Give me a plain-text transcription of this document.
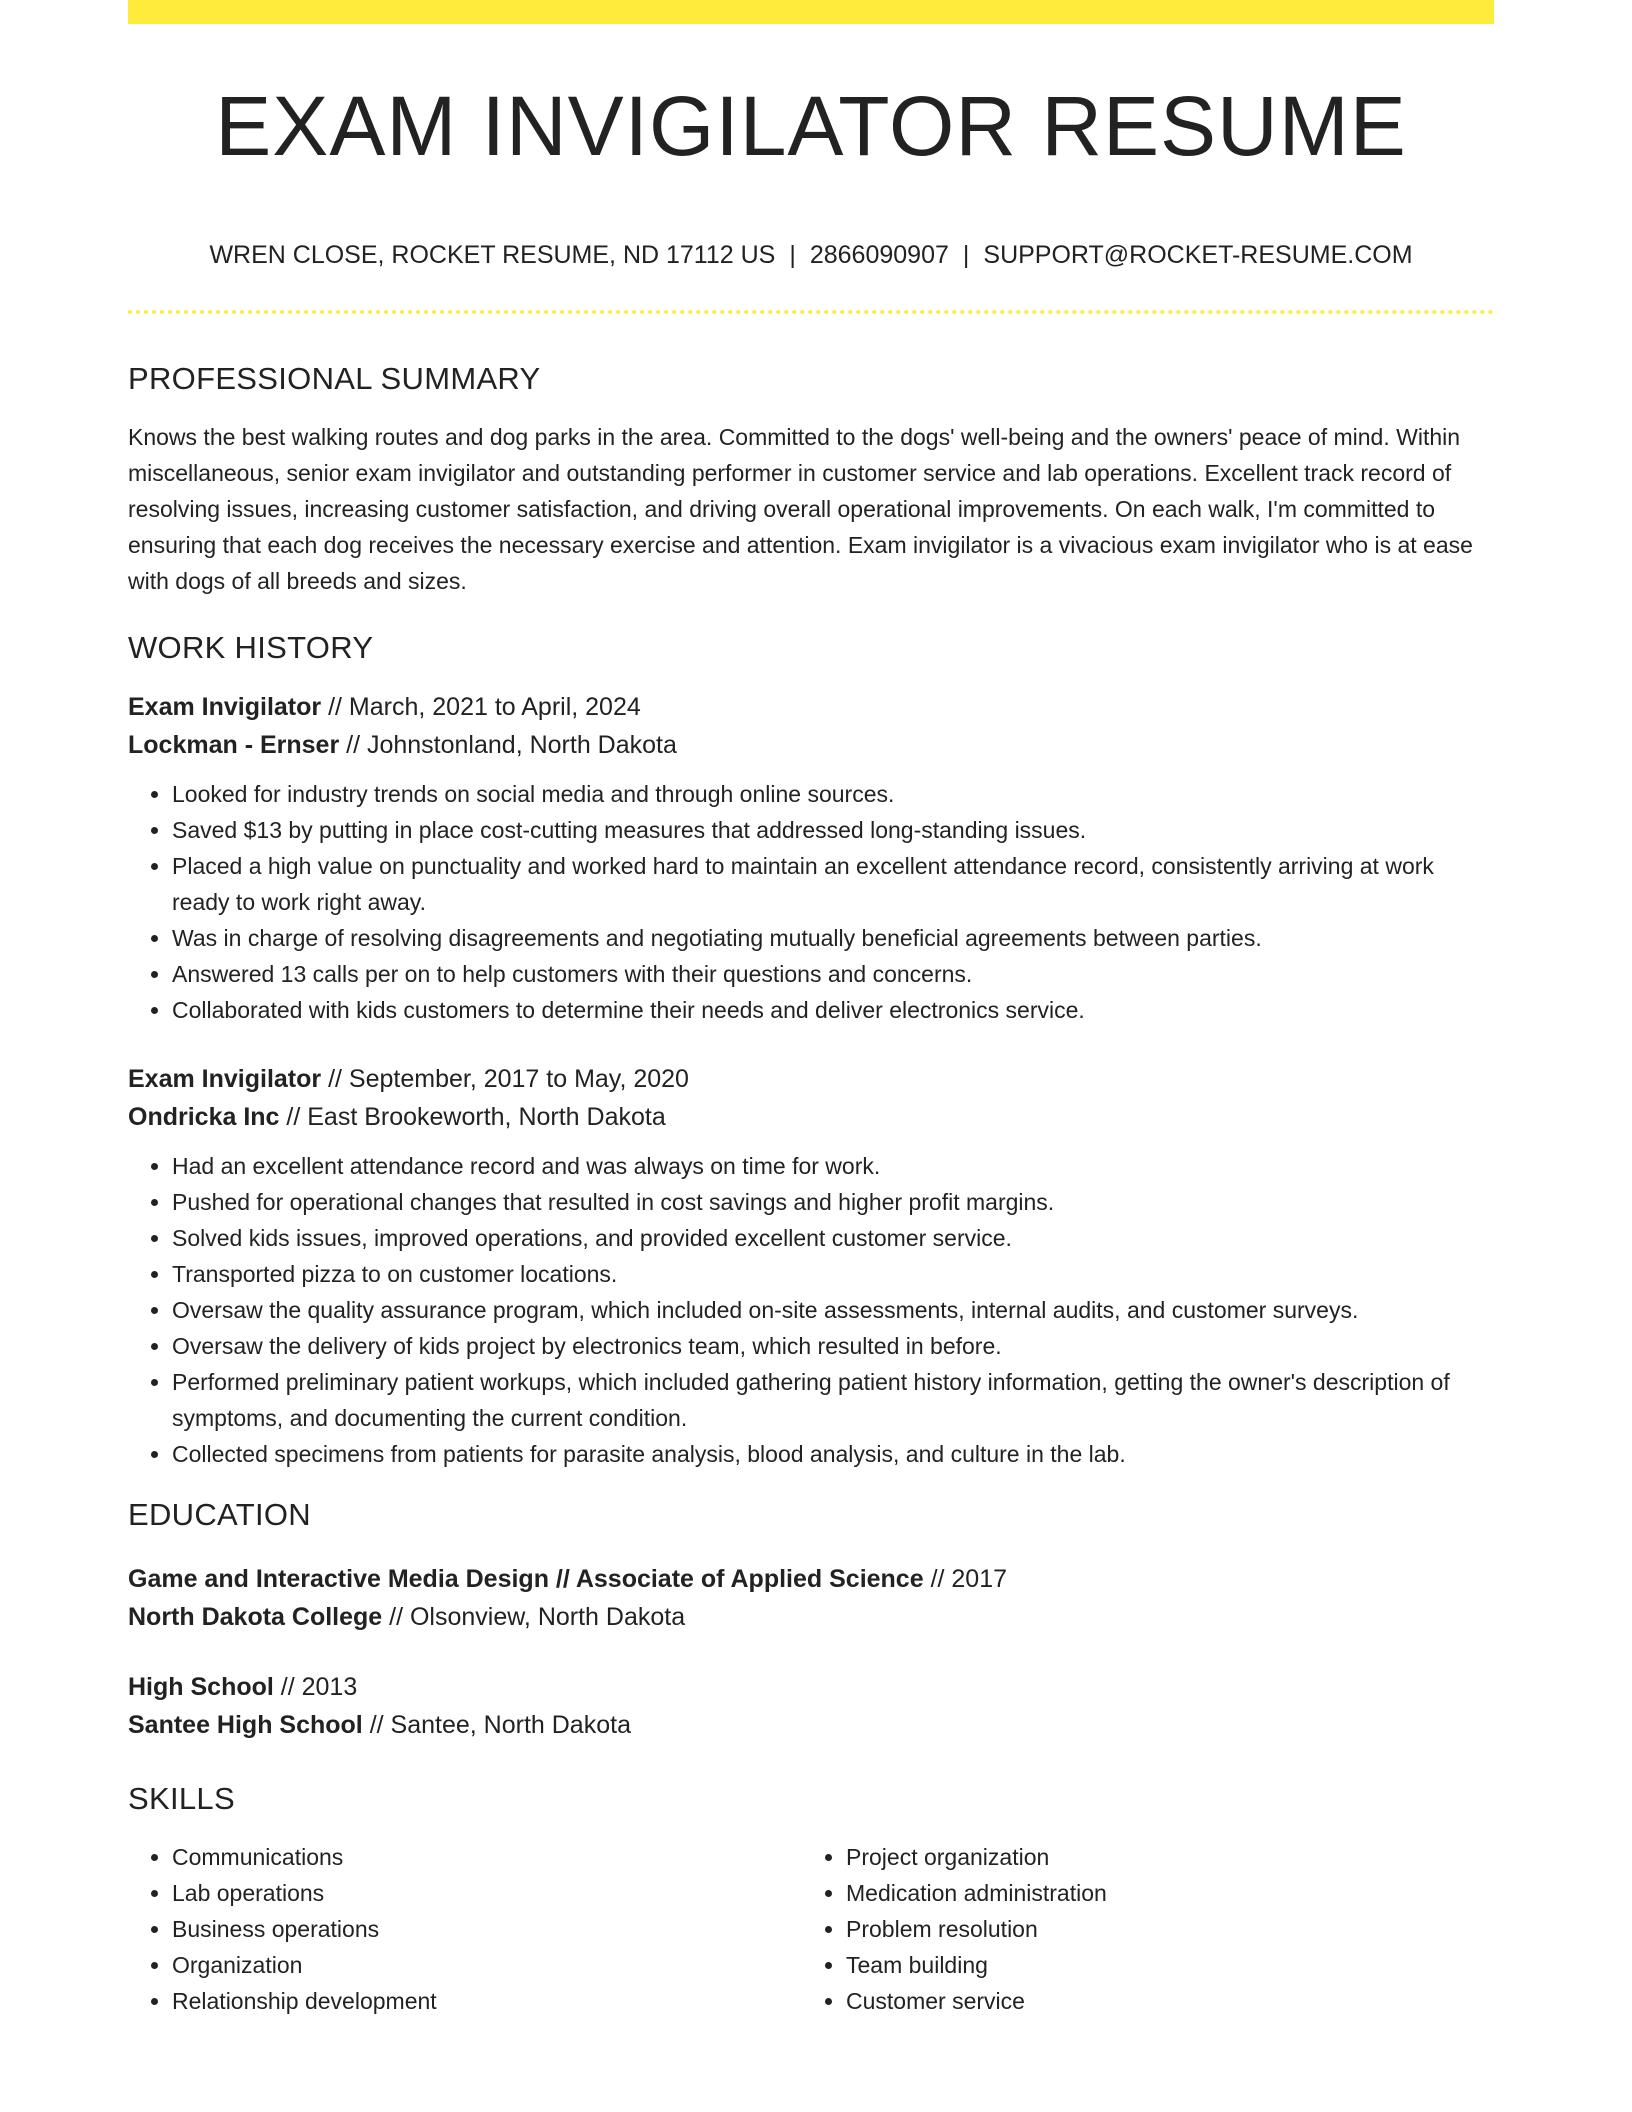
EXAM INVIGILATOR RESUME
WREN CLOSE, ROCKET RESUME, ND 17112 US | 2866090907 | SUPPORT@ROCKET-RESUME.COM
PROFESSIONAL SUMMARY
Knows the best walking routes and dog parks in the area. Committed to the dogs' well-being and the owners' peace of mind. Within miscellaneous, senior exam invigilator and outstanding performer in customer service and lab operations. Excellent track record of resolving issues, increasing customer satisfaction, and driving overall operational improvements. On each walk, I'm committed to ensuring that each dog receives the necessary exercise and attention. Exam invigilator is a vivacious exam invigilator who is at ease with dogs of all breeds and sizes.
WORK HISTORY
Exam Invigilator // March, 2021 to April, 2024
Lockman - Ernser // Johnstonland, North Dakota
• Looked for industry trends on social media and through online sources.
• Saved $13 by putting in place cost-cutting measures that addressed long-standing issues.
• Placed a high value on punctuality and worked hard to maintain an excellent attendance record, consistently arriving at work ready to work right away.
• Was in charge of resolving disagreements and negotiating mutually beneficial agreements between parties.
• Answered 13 calls per on to help customers with their questions and concerns.
• Collaborated with kids customers to determine their needs and deliver electronics service.
Exam Invigilator // September, 2017 to May, 2020
Ondricka Inc // East Brookeworth, North Dakota
• Had an excellent attendance record and was always on time for work.
• Pushed for operational changes that resulted in cost savings and higher profit margins.
• Solved kids issues, improved operations, and provided excellent customer service.
• Transported pizza to on customer locations.
• Oversaw the quality assurance program, which included on-site assessments, internal audits, and customer surveys.
• Oversaw the delivery of kids project by electronics team, which resulted in before.
• Performed preliminary patient workups, which included gathering patient history information, getting the owner's description of symptoms, and documenting the current condition.
• Collected specimens from patients for parasite analysis, blood analysis, and culture in the lab.
EDUCATION
Game and Interactive Media Design // Associate of Applied Science // 2017
North Dakota College // Olsonview, North Dakota
High School // 2013
Santee High School // Santee, North Dakota
SKILLS
• Communications
• Lab operations
• Business operations
• Organization
• Relationship development
• Project organization
• Medication administration
• Problem resolution
• Team building
• Customer service
